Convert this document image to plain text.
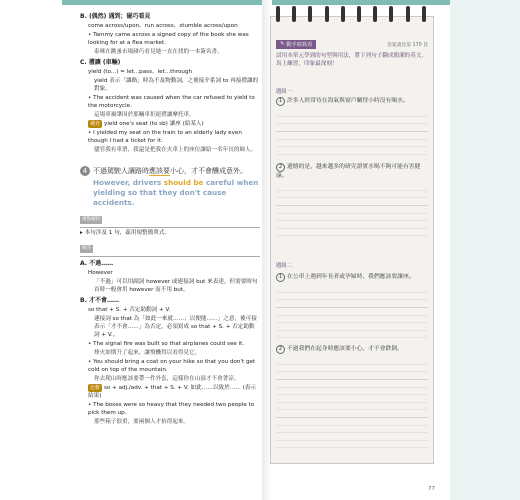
B. (偶然) 遇到；碰巧看見
come across/upon、run across、stumble across/upon
• Tammy came across a signed copy of the book she was looking for at a flea market.
泰咪在跳蚤市場碰巧看見她一直在找的一本簽名書。
C. 禮讓 (車輛)
yield (to...) = let...pass、let...through
yield 表示「讓路」時為不及物動詞，之後接介系詞 to 再接禮讓的對象。
• The accident was caused when the car refused to yield to the motorcycle.
這場車禍肇因於那輛車拒絕禮讓摩托車。
補充 yield one's seat (to sb) 讓座 (給某人)
• I yielded my seat on the train to an elderly lady even though I had a ticket for it.
儘管我有車票，我還是把我在火車上的座位讓給一名年長的婦人。
4 不過駕駛人讓路時應該要小心，才不會釀成意外。
However, drivers should be careful when yielding so that they don't cause accidents.
重點解析
▸ 本句涉及 1 句，茲用規整簡單式。
解答
A. 不過……
However
「不過」可以用副詞 however 或連接詞 but 來表達，但需要時句首時一般會用 however 而不用 but。
B. 才不會……
so that + S. + 否定助動詞 + V.
連接詞 so that 為「如此一來就……；以便能……」之意，後可接表示「才不會……」為否定，必須寫成 so that + S. + 否定助動詞 + V.。
• The signal fire was built so that airplanes could see it.
烽火如期升了起來，讓飛機得以看得見它。
• You should bring a coat on your hike so that you don't get cold on top of the mountain.
你去爬山時應該要帶一件外套，這樣你在山頂才不會著涼。
比較 so + adj./adv. + that + S. + V. 如此……以致於…… (表示結果)
• The boxes were so heavy that they needed two people to pick them up.
那些箱子很重，要兩個人才抬得起來。
✎ 動手寫寫看	答案請見第 170 頁
試用本單元學到的句型與用法，將下列句子翻成簡潔的英文，馬上練習，印象最深刻！
題組一
1 許多人經常待在海氣與窗戶關得小時沒有喝水。
2 遺憾的是，越來越多的研究證實水喝不夠可能有害健康。
題組二
1 在公車上遇到年長者或孕婦時，我們應該要讓座。
2 不過我們在起身時應該要小心，才不會跌倒。
77
